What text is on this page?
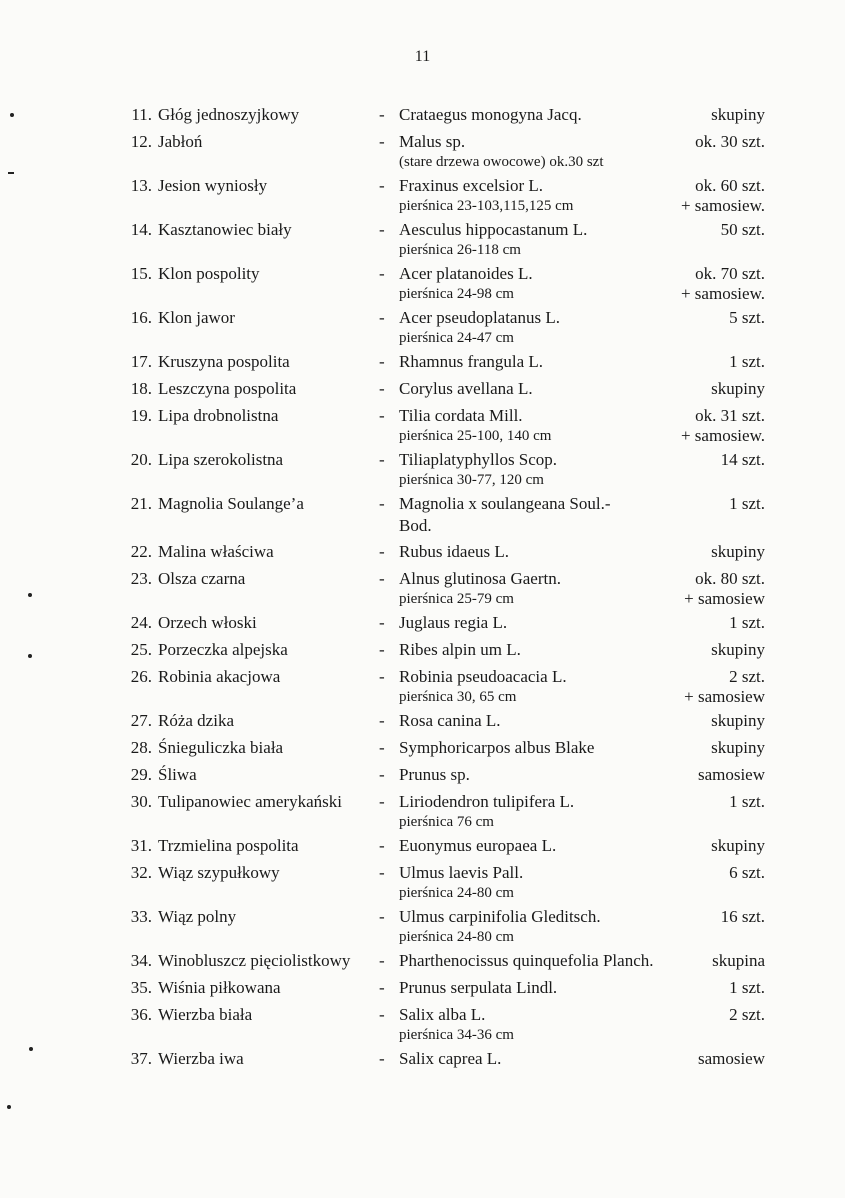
11
11. Głóg jednoszyjkowy	- Crataegus monogyna Jacq.	skupiny
12. Jabłoń	- Malus sp.	ok. 30 szt.
(stare drzewa owocowe) ok.30 szt
13. Jesion wyniosły	- Fraxinus excelsior L.	ok. 60 szt.
pierśnica 23-103,115,125 cm	+ samosiew.
14. Kasztanowiec biały	- Aesculus hippocastanum L.	50 szt.
pierśnica 26-118 cm
15. Klon pospolity	- Acer platanoides L.	ok. 70 szt.
pierśnica 24-98 cm	+ samosiew.
16. Klon jawor	- Acer pseudoplatanus L.	5 szt.
pierśnica 24-47 cm
17. Kruszyna pospolita	- Rhamnus frangula L.	1 szt.
18. Leszczyna pospolita	- Corylus avellana L.	skupiny
19. Lipa drobnolistna	- Tilia cordata Mill.	ok. 31 szt.
pierśnica 25-100, 140 cm	+ samosiew.
20. Lipa szerokolistna	- Tiliaplatyphyllos Scop.	14 szt.
pierśnica 30-77, 120 cm
21. Magnolia Soulange’a	- Magnolia x soulangeana Soul.-	1 szt.
Bod.
22. Malina właściwa	- Rubus idaeus L.	skupiny
23. Olsza czarna	- Alnus glutinosa Gaertn.	ok. 80 szt.
pierśnica 25-79 cm	+ samosiew
24. Orzech włoski	- Juglaus regia L.	1 szt.
25. Porzeczka alpejska	- Ribes alpin um L.	skupiny
26. Robinia akacjowa	- Robinia pseudoacacia L.	2 szt.
pierśnica 30, 65 cm	+ samosiew
27. Róża dzika	- Rosa canina L.	skupiny
28. Śnieguliczka biała	- Symphoricarpos albus Blake	skupiny
29. Śliwa	- Prunus sp.	samosiew
30. Tulipanowiec amerykański - Liriodendron tulipifera L.	1 szt.
pierśnica 76 cm
31. Trzmielina pospolita	- Euonymus europaea L.	skupiny
32. Wiąz szypułkowy	- Ulmus laevis Pall.	6 szt.
pierśnica 24-80 cm
33. Wiąz polny	- Ulmus carpinifolia Gleditsch.	16 szt.
pierśnica 24-80 cm
34. Winobluszcz pięciolistkowy - Pharthenocissus quinquefolia Planch.	skupina
35. Wiśnia piłkowana	- Prunus serpulata Lindl.	1 szt.
36. Wierzba biała	- Salix alba L.	2 szt.
pierśnica 34-36 cm
37. Wierzba iwa	- Salix caprea L.	samosiew
